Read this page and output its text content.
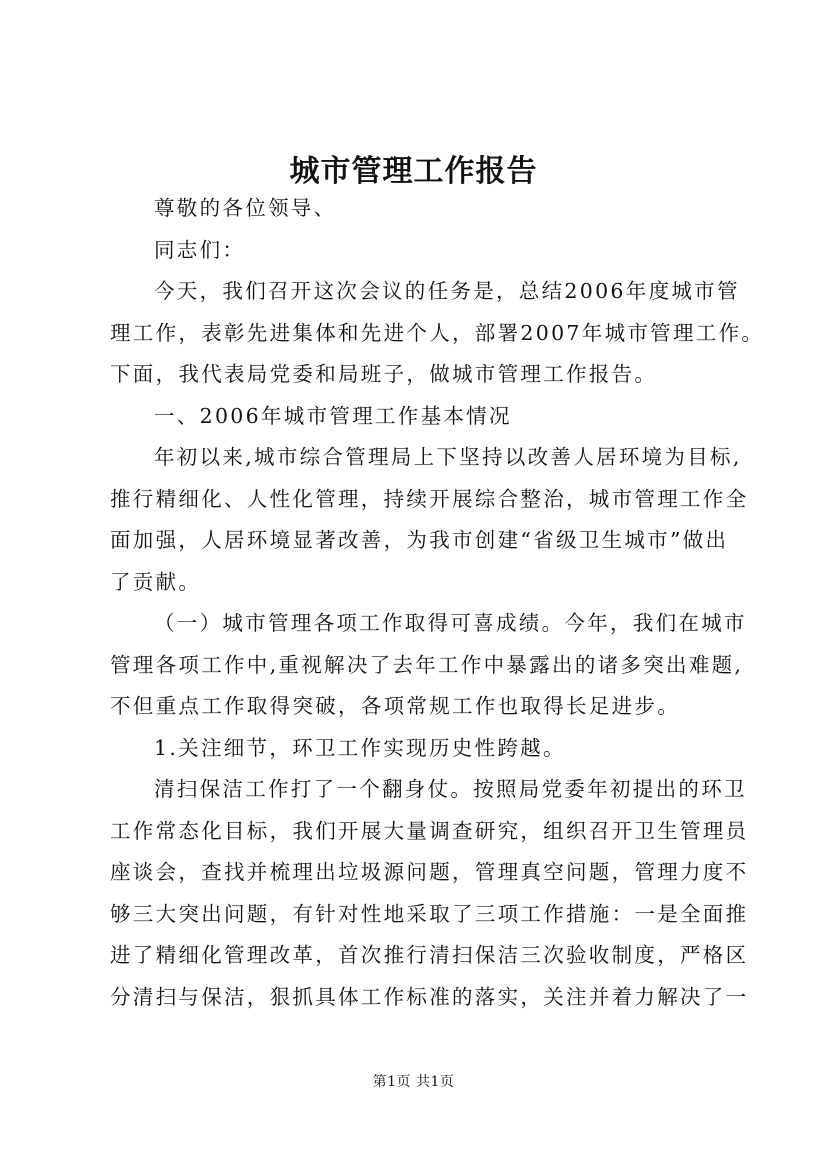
城市管理工作报告
尊敬的各位领导、
同志们：
今天，我们召开这次会议的任务是，总结2006年度城市管
理工作，表彰先进集体和先进个人，部署2007年城市管理工作。
下面，我代表局党委和局班子，做城市管理工作报告。
一、2006年城市管理工作基本情况
年初以来,城市综合管理局上下坚持以改善人居环境为目标,
推行精细化、人性化管理，持续开展综合整治，城市管理工作全
面加强，人居环境显著改善，为我市创建“省级卫生城市”做出
了贡献。
（一）城市管理各项工作取得可喜成绩。今年，我们在城市
管理各项工作中,重视解决了去年工作中暴露出的诸多突出难题,
不但重点工作取得突破，各项常规工作也取得长足进步。
1.关注细节，环卫工作实现历史性跨越。
清扫保洁工作打了一个翻身仗。按照局党委年初提出的环卫
工作常态化目标，我们开展大量调查研究，组织召开卫生管理员
座谈会，查找并梳理出垃圾源问题，管理真空问题，管理力度不
够三大突出问题，有针对性地采取了三项工作措施：一是全面推
进了精细化管理改革，首次推行清扫保洁三次验收制度，严格区
分清扫与保洁，狠抓具体工作标准的落实，关注并着力解决了一
第1页 共1页
